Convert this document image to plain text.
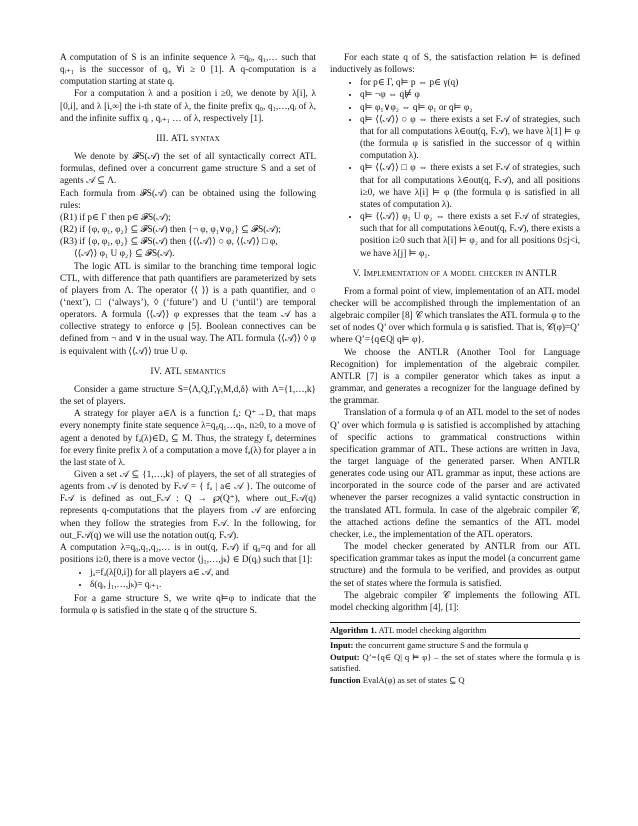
A computation of S is an infinite sequence λ =q₀, q₁,… such that qᵢ₊₁ is the successor of qᵢ, ∀i ≥ 0 [1]. A q-computation is a computation starting at state q.

For a computation λ and a position i ≥0, we denote by λ[i], λ [0,i], and λ [i,∞] the i-th state of λ, the finite prefix q₀, q₁,…,qᵢ of λ, and the infinite suffix qᵢ , qᵢ₊₁ … of λ, respectively [1].

III. ATL syntax

We denote by 𝓕S(𝒜) the set of all syntactically correct ATL formulas, defined over a concurrent game structure S and a set of agents 𝒜 ⊆ Λ.

Each formula from 𝓕S(𝒜) can be obtained using the following rules:

(R1) if p∈ Γ then p∈ 𝓕S(𝒜);

(R2) if {φ, φ₁, φ₂} ⊆ 𝓕S(𝒜) then {¬ φ, φ₁∨φ₂} ⊆ 𝓕S(𝒜);

(R3) if {φ, φ₁, φ₂} ⊆ 𝓕S(𝒜) then {⟨⟨𝒜⟩⟩ ○ φ, ⟨⟨𝒜⟩⟩ □ φ,

⟨⟨𝒜⟩⟩ φ₁ U φ₂} ⊆ 𝓕S(𝒜).

The logic ATL is similar to the branching time temporal logic CTL, with difference that path quantifiers are parameterized by sets of players from Λ. The operator ⟨⟨ ⟩⟩ is a path quantifier, and ○ (‘next’), □ (‘always’), ◊ (‘future’) and U (‘until’) are temporal operators. A formula ⟨⟨𝒜⟩⟩ φ expresses that the team 𝒜 has a collective strategy to enforce φ [5]. Boolean connectives can be defined from ¬ and ∨ in the usual way. The ATL formula ⟨⟨𝒜⟩⟩ ◊ φ is equivalent with ⟨⟨𝒜⟩⟩ true U φ.

IV. ATL semantics

Consider a game structure S=⟨Λ,Q,Γ,γ,M,d,δ⟩ with Λ={1,…,k} the set of players.

A strategy for player a∈Λ is a function fₐ: Q⁺→Dₐ that maps every nonempty finite state sequence λ=q₀q₁…qₙ, n≥0, to a move of agent a denoted by fₐ(λ)∈Dₐ ⊆ M. Thus, the strategy fₐ determines for every finite prefix λ of a computation a move fₐ(λ) for player a in the last state of λ.

Given a set 𝒜 ⊆ {1,…,k} of players, the set of all strategies of agents from 𝒜 is denoted by F𝒜 = { fₐ | a∈ 𝒜 }. The outcome of F𝒜 is defined as out_F𝒜 : Q → ℘(Q⁺), where out_F𝒜(q) represents q-computations that the players from 𝒜 are enforcing when they follow the strategies from F𝒜. In the following, for out_F𝒜(q) we will use the notation out(q, F𝒜).

A computation λ=q₀,q₁,q₂,… is in out(q, F𝒜) if q₀=q and for all positions i≥0, there is a move vector ⟨j₁,…,jₖ⟩ ∈ D(qᵢ) such that [1]:

• jₐ=fₐ(λ[0,i]) for all players a∈ 𝒜, and
• δ(qᵢ, j₁,…,jₖ)= qᵢ₊₁.

For a game structure S, we write q⊨φ to indicate that the formula φ is satisfied in the state q of the structure S.

For each state q of S, the satisfaction relation ⊨ is defined inductively as follows:

• for p∈ Γ, q⊨ p ⇔ p∈ γ(q)
• q⊨ ¬φ ⇔ q⊭ φ
• q⊨ φ₁∨φ₂ ⇔ q⊨ φ₁ or q⊨ φ₂
• q⊨ ⟨⟨𝒜⟩⟩ ○ φ ⇔ there exists a set F𝒜 of strategies, such that for all computations λ∈out(q, F𝒜), we have λ[1] ⊨ φ (the formula φ is satisfied in the successor of q within computation λ).
• q⊨ ⟨⟨𝒜⟩⟩ □ φ ⇔ there exists a set F𝒜 of strategies, such that for all computations λ∈out(q, F𝒜), and all positions i≥0, we have λ[i] ⊨ φ (the formula φ is satisfied in all states of computation λ).
• q⊨ ⟨⟨𝒜⟩⟩ φ₁ U φ₂ ⇔ there exists a set F𝒜 of strategies, such that for all computations λ∈out(q, F𝒜), there exists a position i≥0 such that λ[i] ⊨ φ₂ and for all positions 0≤j<i, we have λ[j] ⊨ φ₁.
V. Implementation of a model checker in ANTLR

From a formal point of view, implementation of an ATL model checker will be accomplished through the implementation of an algebraic compiler [8] 𝒞 which translates the ATL formula φ to the set of nodes Q’ over which formula φ is satisfied. That is, 𝒞(φ)=Q’ where Q’={q∈Q| q⊨ φ}.

We choose the ANTLR (Another Tool for Language Recognition) for implementation of the algebraic compiler. ANTLR [7] is a compiler generator which takes as input a grammar, and generates a recognizer for the language defined by the grammar.

Translation of a formula φ of an ATL model to the set of nodes Q’ over which formula φ is satisfied is accomplished by attaching of specific actions to grammatical constructions within specification grammar of ATL. These actions are written in Java, the target language of the generated parser. When ANTLR generates code using our ATL grammar as input, these actions are incorporated in the source code of the parser and are activated whenever the parser recognizes a valid syntactic construction in the translated ATL formula. In case of the algebraic compiler 𝒞, the attached actions define the semantics of the ATL model checker, i.e., the implementation of the ATL operators.

The model checker generated by ANTLR from our ATL specification grammar takes as input the model (a concurrent game structure) and the formula to be verified, and provides as output the set of states where the formula is satisfied.

The algebraic compiler 𝒞 implements the following ATL model checking algorithm [4], [1]:

Algorithm 1. ATL model checking algorithm
Input: the concurrent game structure S and the formula φ
Output: Q’={q∈ Q| q ⊨ φ} – the set of states where the formula φ is satisfied.
function EvalA(φ) as set of states ⊆ Q
